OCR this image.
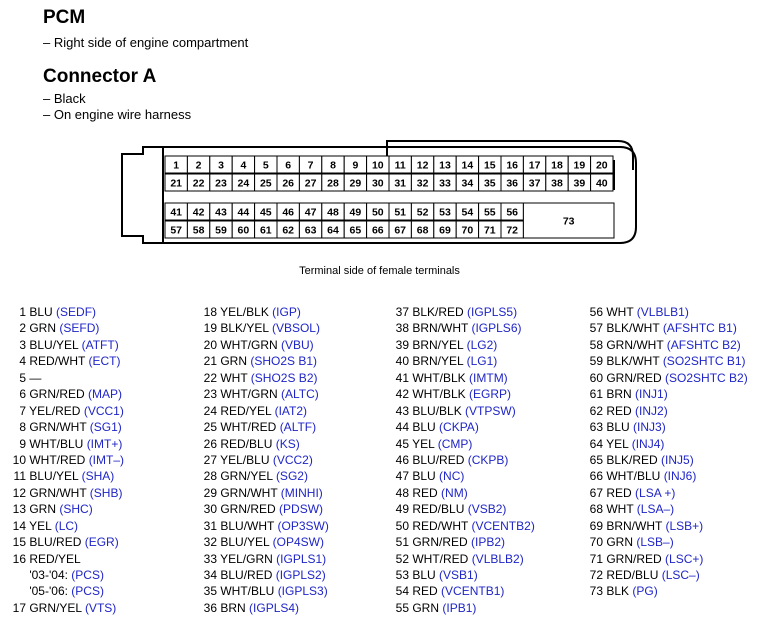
PCM
– Right side of engine compartment
Connector A
– Black
– On engine wire harness
1 2 3 4 5 6 7 8 9 10 11 12 13 14 15 16 17 18 19 20
21 22 23 24 25 26 27 28 29 30 31 32 33 34 35 36 37 38 39 40
41 42 43 44 45 46 47 48 49 50 51 52 53 54 55 56
57 58 59 60 61 62 63 64 65 66 67 68 69 70 71 72
73
Terminal side of female terminals
1 BLU (SEDF)
2 GRN (SEFD)
3 BLU/YEL (ATFT)
4 RED/WHT (ECT)
5 —
6 GRN/RED (MAP)
7 YEL/RED (VCC1)
8 GRN/WHT (SG1)
9 WHT/BLU (IMT+)
10 WHT/RED (IMT–)
11 BLU/YEL (SHA)
12 GRN/WHT (SHB)
13 GRN (SHC)
14 YEL (LC)
15 BLU/RED (EGR)
16 RED/YEL
'03-'04: (PCS)
'05-'06: (PCS)
17 GRN/YEL (VTS)
18 YEL/BLK (IGP)
19 BLK/YEL (VBSOL)
20 WHT/GRN (VBU)
21 GRN (SHO2S B1)
22 WHT (SHO2S B2)
23 WHT/GRN (ALTC)
24 RED/YEL (IAT2)
25 WHT/RED (ALTF)
26 RED/BLU (KS)
27 YEL/BLU (VCC2)
28 GRN/YEL (SG2)
29 GRN/WHT (MINHI)
30 GRN/RED (PDSW)
31 BLU/WHT (OP3SW)
32 BLU/YEL (OP4SW)
33 YEL/GRN (IGPLS1)
34 BLU/RED (IGPLS2)
35 WHT/BLU (IGPLS3)
36 BRN (IGPLS4)
37 BLK/RED (IGPLS5)
38 BRN/WHT (IGPLS6)
39 BRN/YEL (LG2)
40 BRN/YEL (LG1)
41 WHT/BLK (IMTM)
42 WHT/BLK (EGRP)
43 BLU/BLK (VTPSW)
44 BLU (CKPA)
45 YEL (CMP)
46 BLU/RED (CKPB)
47 BLU (NC)
48 RED (NM)
49 RED/BLU (VSB2)
50 RED/WHT (VCENTB2)
51 GRN/RED (IPB2)
52 WHT/RED (VLBLB2)
53 BLU (VSB1)
54 RED (VCENTB1)
55 GRN (IPB1)
56 WHT (VLBLB1)
57 BLK/WHT (AFSHTC B1)
58 GRN/WHT (AFSHTC B2)
59 BLK/WHT (SO2SHTC B1)
60 GRN/RED (SO2SHTC B2)
61 BRN (INJ1)
62 RED (INJ2)
63 BLU (INJ3)
64 YEL (INJ4)
65 BLK/RED (INJ5)
66 WHT/BLU (INJ6)
67 RED (LSA +)
68 WHT (LSA–)
69 BRN/WHT (LSB+)
70 GRN (LSB–)
71 GRN/RED (LSC+)
72 RED/BLU (LSC–)
73 BLK (PG)
